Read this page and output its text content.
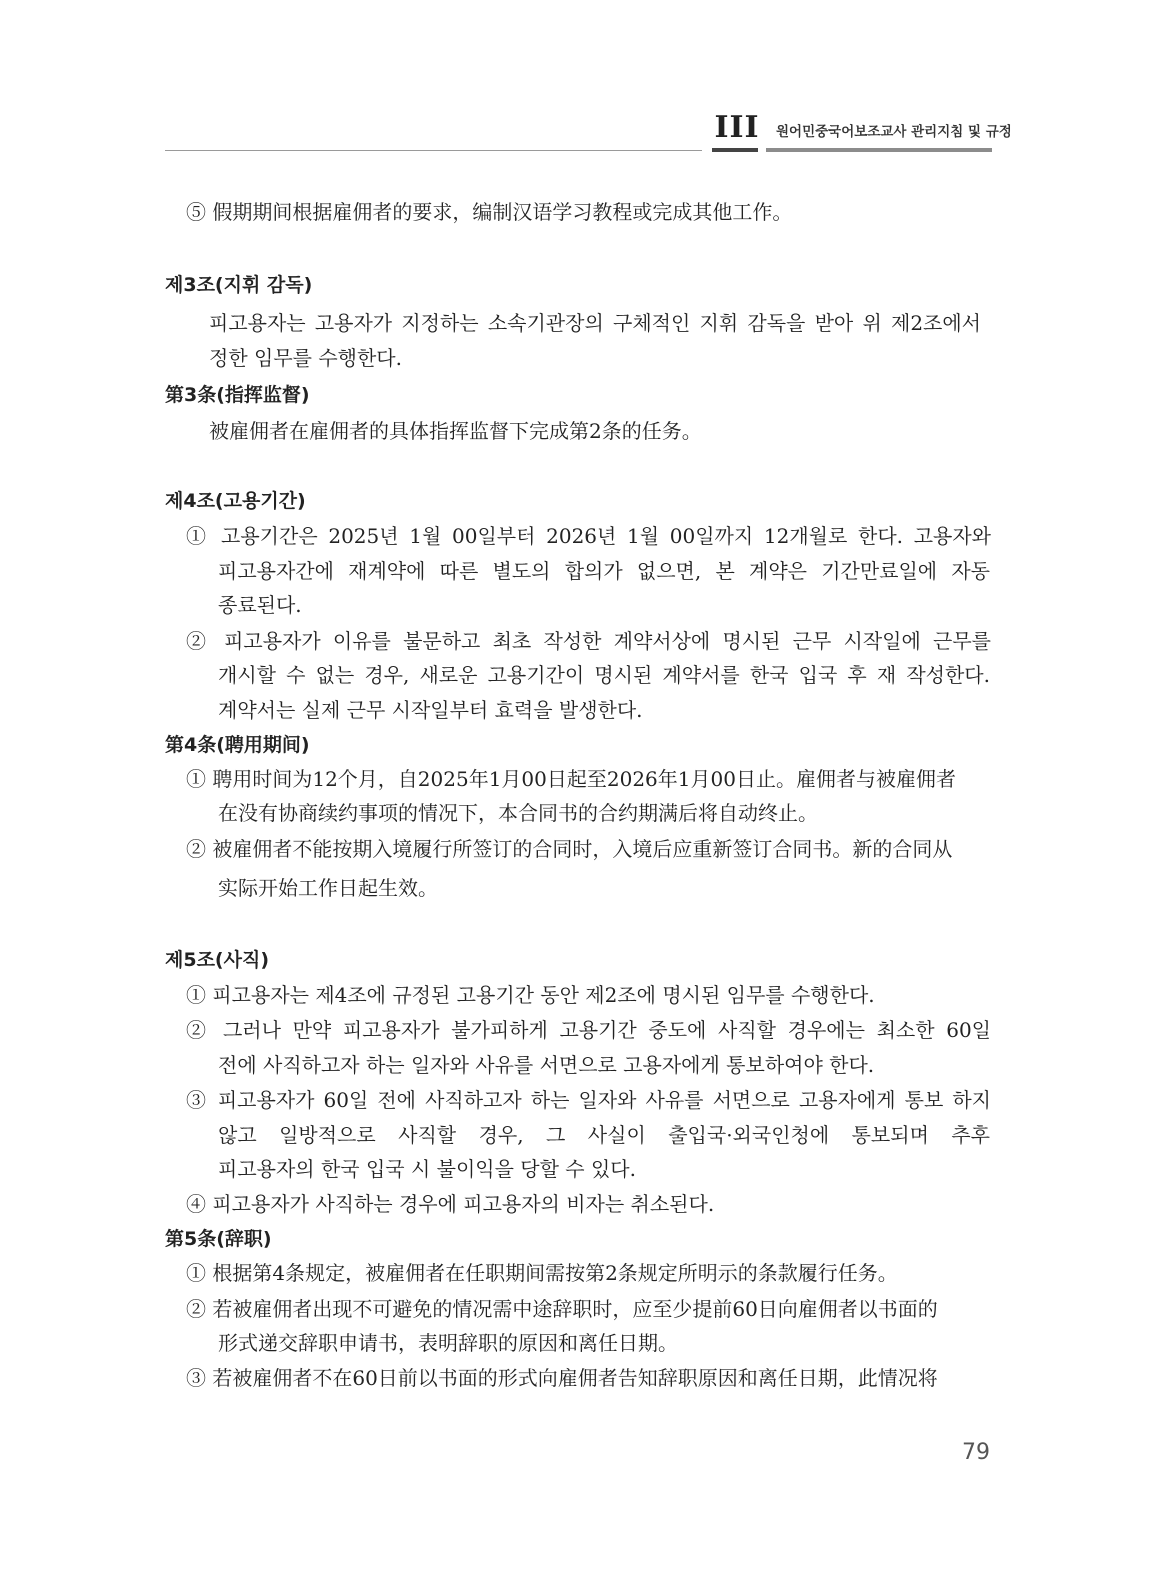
III 원어민중국어보조교사 관리지침 및 규정
⑤ 假期期间根据雇佣者的要求，编制汉语学习教程或完成其他工作。
제3조(지휘 감독)
피고용자는 고용자가 지정하는 소속기관장의 구체적인 지휘 감독을 받아 위 제2조에서
정한 임무를 수행한다.
第3条(指挥监督)
被雇佣者在雇佣者的具体指挥监督下完成第2条的任务。
제4조(고용기간)
① 고용기간은 2025년 1월 00일부터 2026년 1월 00일까지 12개월로 한다. 고용자와
피고용자간에 재계약에 따른 별도의 합의가 없으면, 본 계약은 기간만료일에 자동
종료된다.
② 피고용자가 이유를 불문하고 최초 작성한 계약서상에 명시된 근무 시작일에 근무를
개시할 수 없는 경우, 새로운 고용기간이 명시된 계약서를 한국 입국 후 재 작성한다.
계약서는 실제 근무 시작일부터 효력을 발생한다.
第4条(聘用期间)
① 聘用时间为12个月，自2025年1月00日起至2026年1月00日止。雇佣者与被雇佣者
在没有协商续约事项的情况下，本合同书的合约期满后将自动终止。
② 被雇佣者不能按期入境履行所签订的合同时，入境后应重新签订合同书。新的合同从
实际开始工作日起生效。
제5조(사직)
① 피고용자는 제4조에 규정된 고용기간 동안 제2조에 명시된 임무를 수행한다.
② 그러나 만약 피고용자가 불가피하게 고용기간 중도에 사직할 경우에는 최소한 60일
전에 사직하고자 하는 일자와 사유를 서면으로 고용자에게 통보하여야 한다.
③ 피고용자가 60일 전에 사직하고자 하는 일자와 사유를 서면으로 고용자에게 통보 하지
않고 일방적으로 사직할 경우, 그 사실이 출입국·외국인청에 통보되며 추후
피고용자의 한국 입국 시 불이익을 당할 수 있다.
④ 피고용자가 사직하는 경우에 피고용자의 비자는 취소된다.
第5条(辞职)
① 根据第4条规定，被雇佣者在任职期间需按第2条规定所明示的条款履行任务。
② 若被雇佣者出现不可避免的情况需中途辞职时，应至少提前60日向雇佣者以书面的
形式递交辞职申请书，表明辞职的原因和离任日期。
③ 若被雇佣者不在60日前以书面的形式向雇佣者告知辞职原因和离任日期，此情况将
79
